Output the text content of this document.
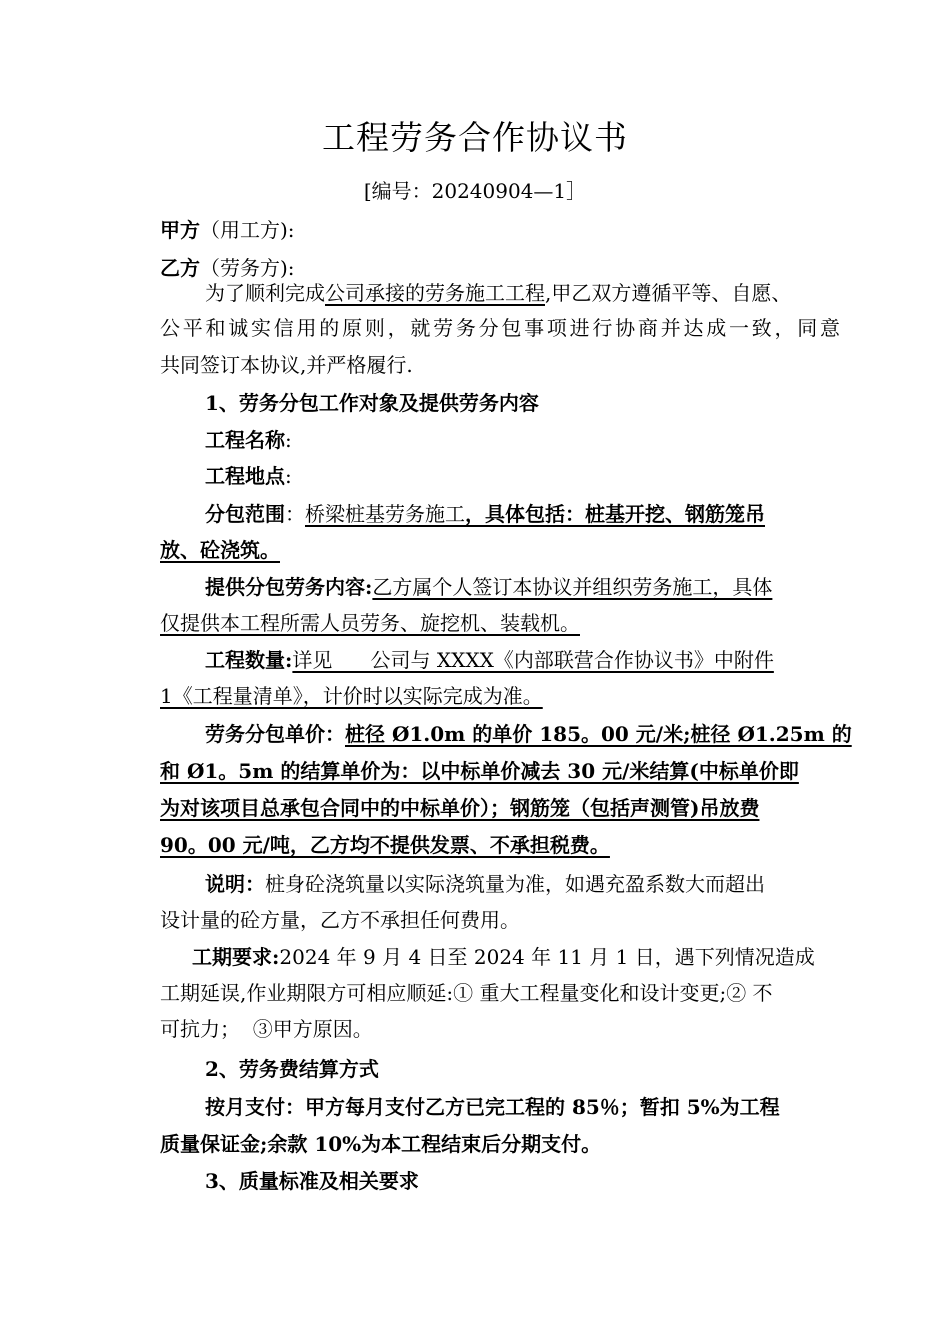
工程劳务合作协议书
[编号：20240904—1］
甲方（用工方):
乙方（劳务方):
为了顺利完成公司承接的劳务施工工程,甲乙双方遵循平等、自愿、
公平和诚实信用的原则，就劳务分包事项进行协商并达成一致，同意
共同签订本协议,并严格履行.
1、劳务分包工作对象及提供劳务内容
工程名称:
工程地点:
分包范围：桥梁桩基劳务施工，具体包括：桩基开挖、钢筋笼吊
放、砼浇筑。
提供分包劳务内容:乙方属个人签订本协议并组织劳务施工，具体
仅提供本工程所需人员劳务、旋挖机、装载机。
工程数量:详见      公司与 XXXX《内部联营合作协议书》中附件
1《工程量清单》，计价时以实际完成为准。
劳务分包单价：桩径 Ø1.0m 的单价 185。00 元/米;桩径 Ø1.25m 的
和 Ø1。5m 的结算单价为：以中标单价减去 30 元/米结算(中标单价即
为对该项目总承包合同中的中标单价）；钢筋笼（包括声测管)吊放费
90。00 元/吨，乙方均不提供发票、不承担税费。
说明：桩身砼浇筑量以实际浇筑量为准，如遇充盈系数大而超出
设计量的砼方量，乙方不承担任何费用。
工期要求:2024 年 9 月 4 日至 2024 年 11 月 1 日，遇下列情况造成
工期延误,作业期限方可相应顺延:① 重大工程量变化和设计变更;② 不
可抗力；  ③甲方原因。
2、劳务费结算方式
按月支付：甲方每月支付乙方已完工程的 85％；暂扣 5%为工程
质量保证金;余款 10%为本工程结束后分期支付。
3、质量标准及相关要求
